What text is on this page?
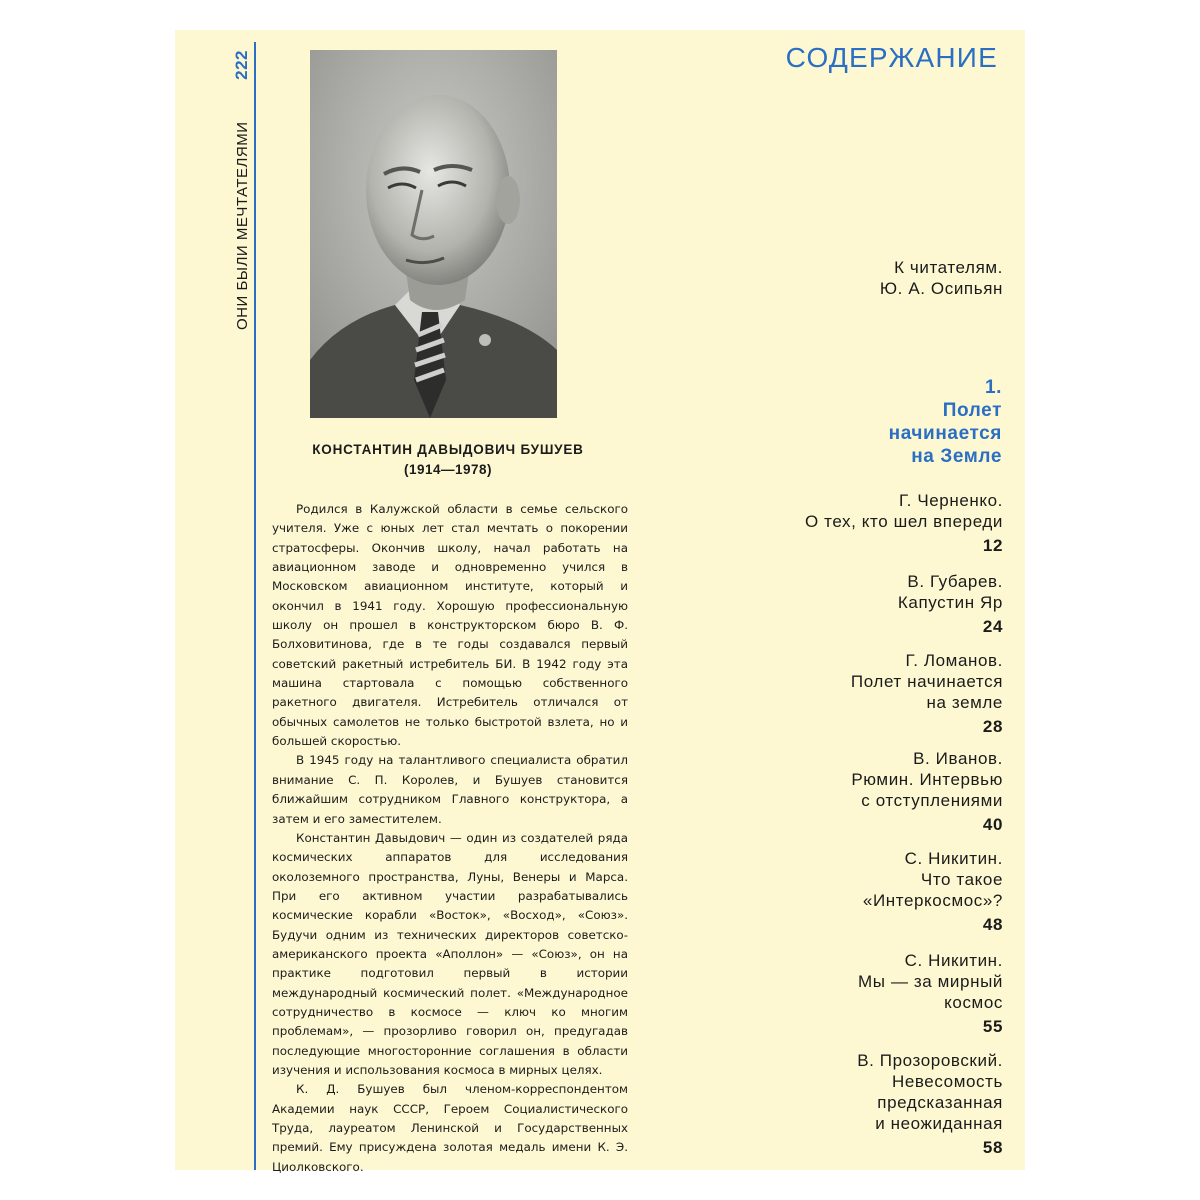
ОНИ БЫЛИ МЕЧТАТЕЛЯМИ
222
КОНСТАНТИН ДАВЫДОВИЧ БУШУЕВ
(1914—1978)

Родился в Калужской области в семье сельского учителя. Уже с юных лет стал мечтать о покорении стратосферы. Окончив школу, начал работать на авиационном заводе и одновременно учился в Московском авиационном институте, который и окончил в 1941 году. Хорошую профессиональную школу он прошел в конструкторском бюро В. Ф. Болховитинова, где в те годы создавался первый советский ракетный истребитель БИ. В 1942 году эта машина стартовала с помощью собственного ракетного двигателя. Истребитель отличался от обычных самолетов не только быстротой взлета, но и большей скоростью.

В 1945 году на талантливого специалиста обратил внимание С. П. Королев, и Бушуев становится ближайшим сотрудником Главного конструктора, а затем и его заместителем.

Константин Давыдович — один из создателей ряда космических аппаратов для исследования околоземного пространства, Луны, Венеры и Марса. При его активном участии разрабатывались космические корабли «Восток», «Восход», «Союз». Будучи одним из технических директоров советско-американского проекта «Аполлон» — «Союз», он на практике подготовил первый в истории международный космический полет. «Международное сотрудничество в космосе — ключ ко многим проблемам», — прозорливо говорил он, предугадав последующие многосторонние соглашения в области изучения и использования космоса в мирных целях.

К. Д. Бушуев был членом-корреспондентом Академии наук СССР, Героем Социалистического Труда, лауреатом Ленинской и Государственных премий. Ему присуждена золотая медаль имени К. Э. Циолковского.

СОДЕРЖАНИЕ
К читателям.
Ю. А. Осипьян
1.
Полет
начинается
на Земле
Г. Черненко.
О тех, кто шел впереди
12
В. Губарев.
Капустин Яр
24
Г. Ломанов.
Полет начинается
на земле
28
В. Иванов.
Рюмин. Интервью
с отступлениями
40
С. Никитин.
Что такое
«Интеркосмос»?
48
С. Никитин.
Мы — за мирный
космос
55
В. Прозоровский.
Невесомость
предсказанная
и неожиданная
58
